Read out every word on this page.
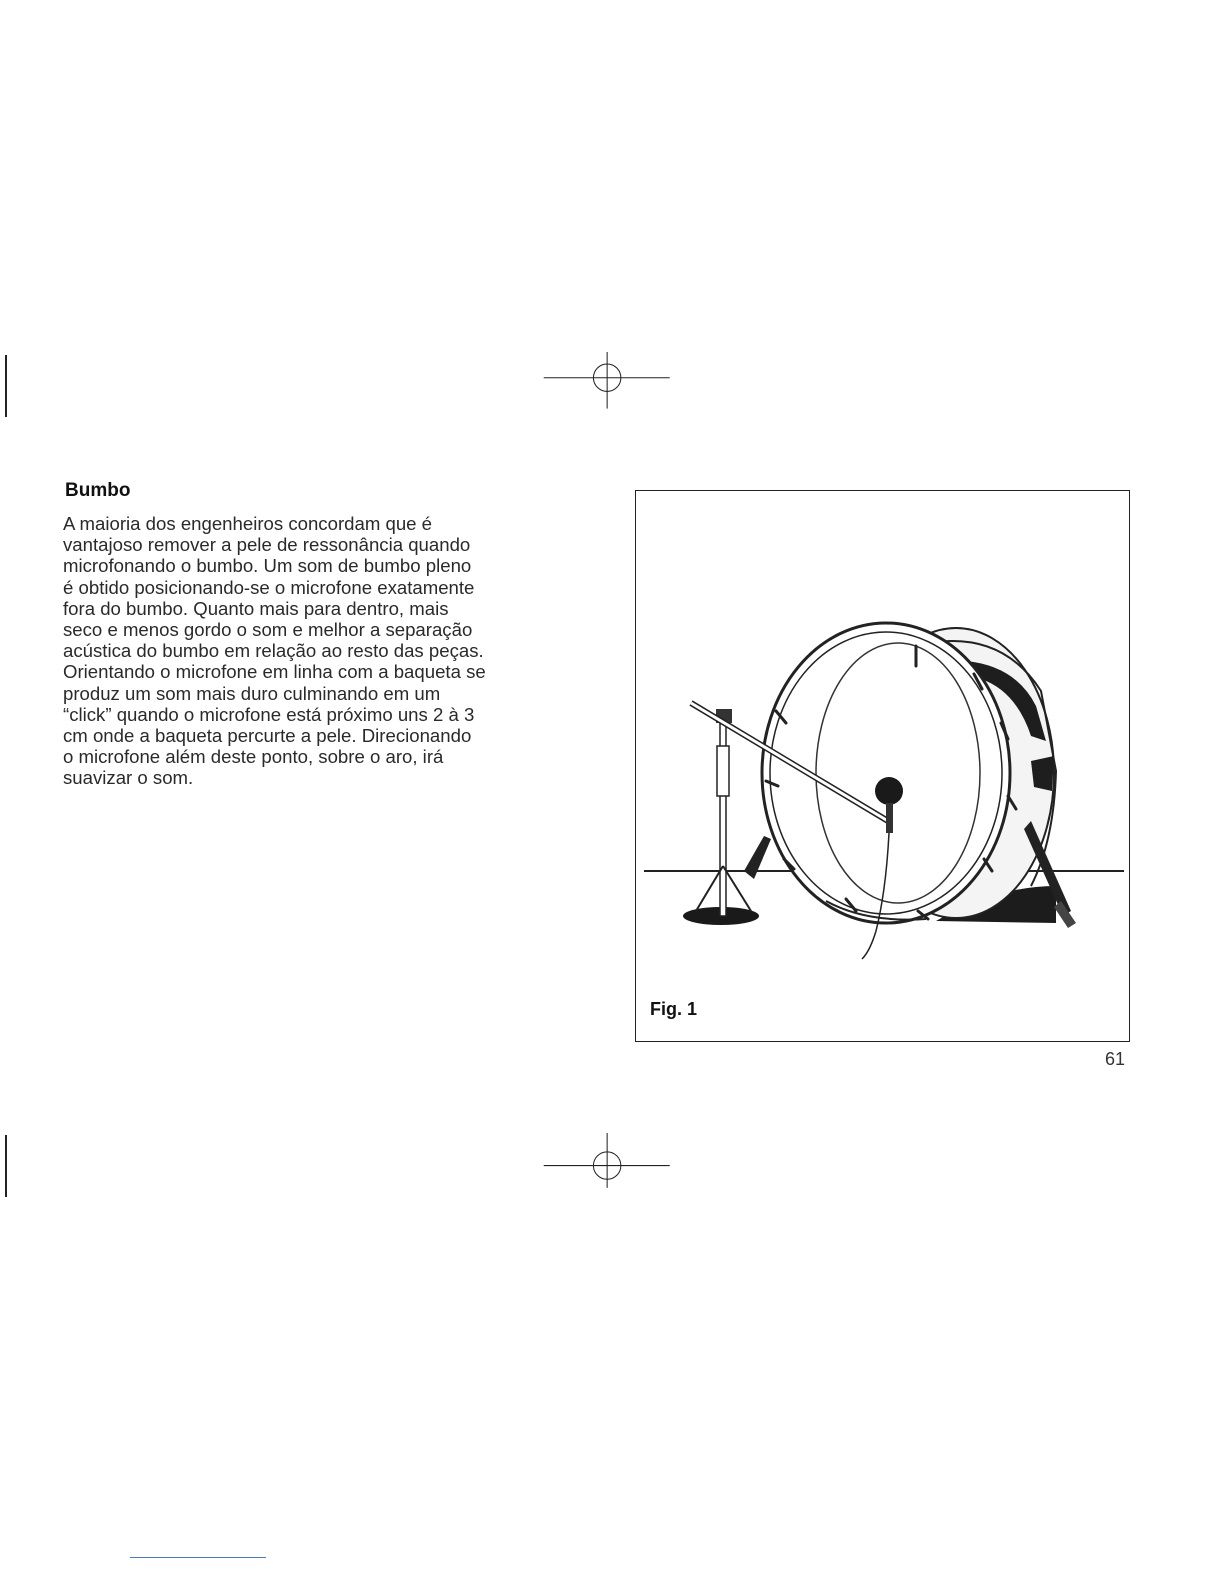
Bumbo

A maioria dos engenheiros concordam que é
vantajoso remover a pele de ressonância quando
microfonando o bumbo. Um som de bumbo pleno
é obtido posicionando-se o microfone exatamente
fora do bumbo. Quanto mais para dentro, mais
seco e menos gordo o som e melhor a separação
acústica do bumbo em relação ao resto das peças.
Orientando o microfone em linha com a baqueta se
produz um som mais duro culminando em um
“click” quando o microfone está próximo uns 2 à 3
cm onde a baqueta percurte a pele. Direcionando
o microfone além deste ponto, sobre o aro, irá
suavizar o som.

Fig. 1
61
